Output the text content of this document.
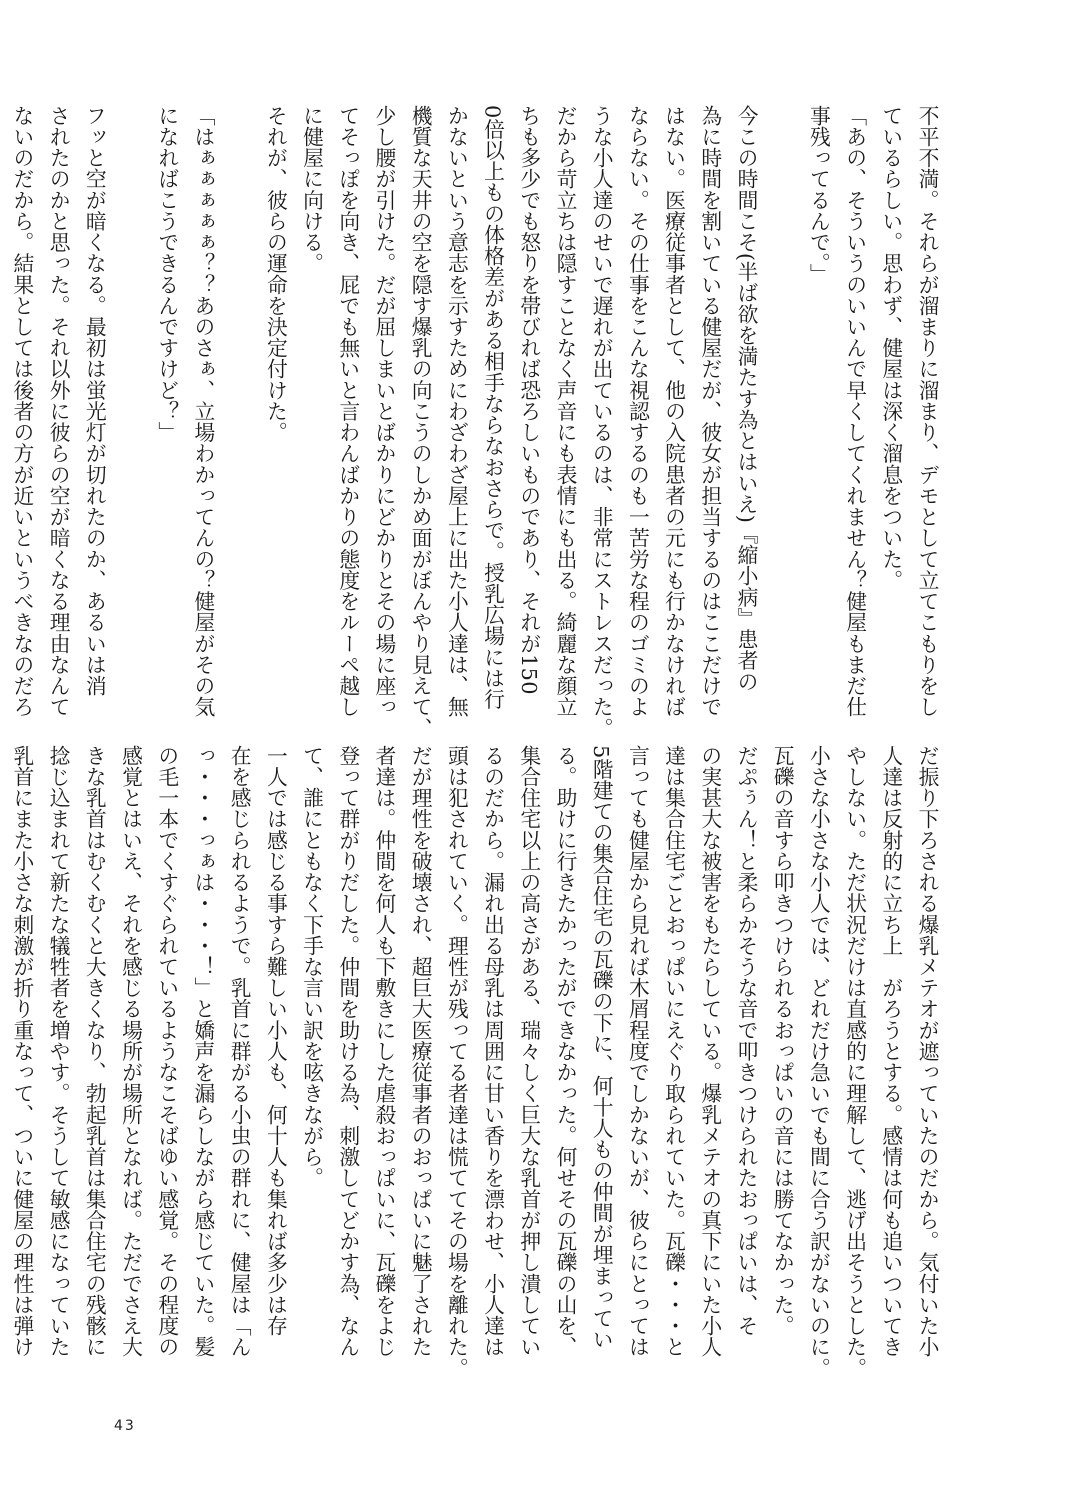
不平不満。それらが溜まりに溜まり、デモとして立てこもりをし
ているらしい。思わず、健屋は深く溜息をついた。
「あの、そういうのいいんで早くしてくれません？健屋もまだ仕
事残ってるんで。」

今この時間こそ(半ば欲を満たす為とはいえ)『縮小病』患者の
為に時間を割いている健屋だが、彼女が担当するのはここだけで
はない。医療従事者として、他の入院患者の元にも行かなければ
ならない。その仕事をこんな視認するのも一苦労な程のゴミのよ
うな小人達のせいで遅れが出ているのは、非常にストレスだった。
だから苛立ちは隠すことなく声音にも表情にも出る。綺麗な顔立
ちも多少でも怒りを帯びれば恐ろしいものであり、それが150
0倍以上もの体格差がある相手ならなおさらで。授乳広場には行
かないという意志を示すためにわざわざ屋上に出た小人達は、無
機質な天井の空を隠す爆乳の向こうのしかめ面がぼんやり見えて、
少し腰が引けた。だが屈しまいとばかりにどかりとその場に座っ
てそっぽを向き、屁でも無いと言わんばかりの態度をルーペ越し
に健屋に向ける。
それが、彼らの運命を決定付けた。

「はぁぁぁぁぁ？？あのさぁ、立場わかってんの？健屋がその気
になればこうできるんですけど？」

フッと空が暗くなる。最初は蛍光灯が切れたのか、あるいは消
されたのかと思った。それ以外に彼らの空が暗くなる理由なんて
ないのだから。結果としては後者の方が近いというべきなのだろ
だ振り下ろされる爆乳メテオが遮っていたのだから。気付いた小
人達は反射的に立ち上　がろうとする。感情は何も追いついてき
やしない。ただ状況だけは直感的に理解して、逃げ出そうとした。
小さな小さな小人では、どれだけ急いでも間に合う訳がないのに。
瓦礫の音すら叩きつけられるおっぱいの音には勝てなかった。
だぷぅん！と柔らかそうな音で叩きつけられたおっぱいは、そ
の実甚大な被害をもたらしている。爆乳メテオの真下にいた小人
達は集合住宅ごとおっぱいにえぐり取られていた。瓦礫・・・と
言っても健屋から見れば木屑程度でしかないが、彼らにとっては
5階建ての集合住宅の瓦礫の下に、何十人もの仲間が埋まってい
る。助けに行きたかったができなかった。何せその瓦礫の山を、
集合住宅以上の高さがある、瑞々しく巨大な乳首が押し潰してい
るのだから。漏れ出る母乳は周囲に甘い香りを漂わせ、小人達は
頭は犯されていく。理性が残ってる者達は慌ててその場を離れた。
だが理性を破壊され、超巨大医療従事者のおっぱいに魅了された
者達は。仲間を何人も下敷きにした虐殺おっぱいに、瓦礫をよじ
登って群がりだした。仲間を助ける為、刺激してどかす為、なん
て、誰にともなく下手な言い訳を呟きながら。
一人では感じる事すら難しい小人も、何十人も集れば多少は存
在を感じられるようで。乳首に群がる小虫の群れに、健屋は「ん
っ・・・っぁは・・・！」と嬌声を漏らしながら感じていた。髪
の毛一本でくすぐられているようなこそばゆい感覚。その程度の
感覚とはいえ、それを感じる場所が場所となれば。ただでさえ大
きな乳首はむくむくと大きくなり、勃起乳首は集合住宅の残骸に
捻じ込まれて新たな犠牲者を増やす。そうして敏感になっていた
乳首にまた小さな刺激が折り重なって、ついに健屋の理性は弾け
43
